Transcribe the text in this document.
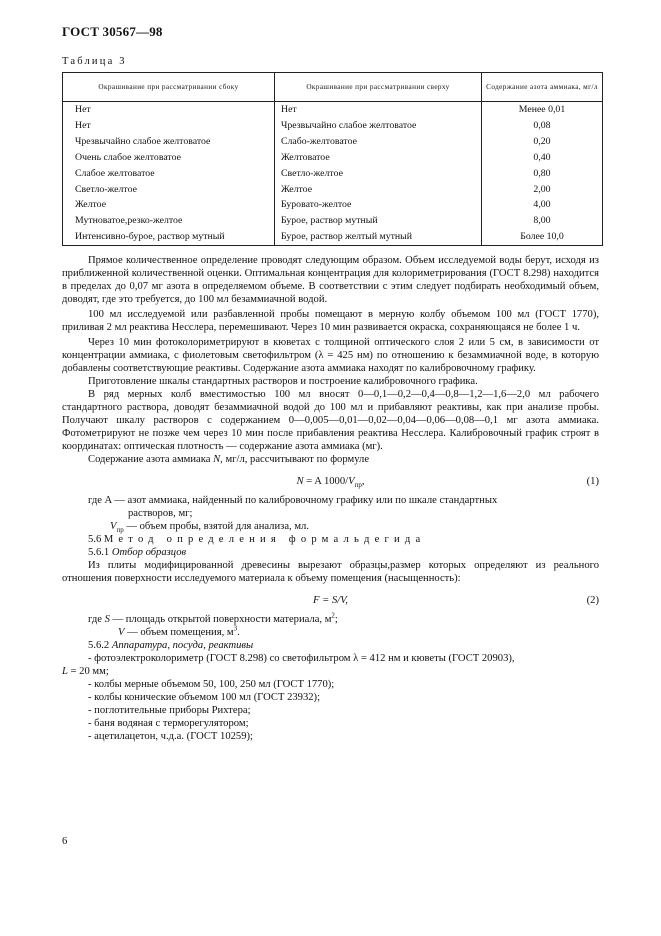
ГОСТ 30567—98
Таблица 3
Окрашивание при рассматривании сбоку	Окрашивание при рассматривании сверху	Содержание азота аммиака, мг/л
Нет	Нет	Менее 0,01
Нет	Чрезвычайно слабое желтоватое	0,08
Чрезвычайно слабое желтоватое	Слабо-желтоватое	0,20
Очень слабое желтоватое	Желтоватое	0,40
Слабое желтоватое	Светло-желтое	0,80
Светло-желтое	Желтое	2,00
Желтое	Буровато-желтое	4,00
Мутноватое,резко-желтое	Бурое, раствор мутный	8,00
Интенсивно-бурое, раствор мутный	Бурое, раствор желтый мутный	Более 10,0

Прямое количественное определение проводят следующим образом. Объем исследуемой воды берут, исходя из приближенной количественной оценки. Оптимальная концентрация для колориметрирования (ГОСТ 8.298) находится в пределах до 0,07 мг азота в определяемом объеме. В соответствии с этим следует подбирать необходимый объем, доводят, где это требуется, до 100 мл безаммиачной водой.

100 мл исследуемой или разбавленной пробы помещают в мерную колбу объемом 100 мл (ГОСТ 1770), приливая 2 мл реактива Несслера, перемешивают. Через 10 мин развивается окраска, сохраняющаяся не более 1 ч.

Через 10 мин фотоколориметрируют в кюветах с толщиной оптического слоя 2 или 5 см, в зависимости от концентрации аммиака, с фиолетовым светофильтром (λ = 425 нм) по отношению к безаммиачной воде, в которую добавлены соответствующие реактивы. Содержание азота аммиака находят по калибровочному графику.

Приготовление шкалы стандартных растворов и построение калибровочного графика.

В ряд мерных колб вместимостью 100 мл вносят 0—0,1—0,2—0,4—0,8—1,2—1,6—2,0 мл рабочего стандартного раствора, доводят безаммиачной водой до 100 мл и прибавляют реактивы, как при анализе пробы. Получают шкалу растворов с содержанием 0—0,005—0,01—0,02—0,04—0,06—0,08—0,1 мг азота аммиака. Фотометрируют не позже чем через 10 мин после прибавления реактива Несслера. Калибровочный график строят в координатах: оптическая плотность — содержание азота аммиака (мг).

Содержание азота аммиака N, мг/л, рассчитывают по формуле

N = A $1000/V_{пр}$,	(1)

где A — азот аммиака, найденный по калибровочному графику или по шкале стандартных

растворов, мг;

$V_{пр}$ — объем пробы, взятой для анализа, мл.

5.6 Метод определения формальдегида

5.6.1 Отбор образцов

Из плиты модифицированной древесины вырезают образцы,размер которых определяют из реального отношения поверхности исследуемого материала к объему помещения (насыщенность):

F = S/V,	(2)

где S — площадь открытой поверхности материала, $м^2$;

V — объем помещения, $м^3$.

5.6.2 Аппаратура, посуда, реактивы

- фотоэлектроколориметр (ГОСТ 8.298) со светофильтром λ = 412 нм и кюветы (ГОСТ 20903),

L = 20 мм;

- колбы мерные объемом 50, 100, 250 мл (ГОСТ 1770);

- колбы конические объемом 100 мл (ГОСТ 23932);

- поглотительные приборы Рихтера;

- баня водяная с терморегулятором;

- ацетилацетон, ч.д.а. (ГОСТ 10259);

6
